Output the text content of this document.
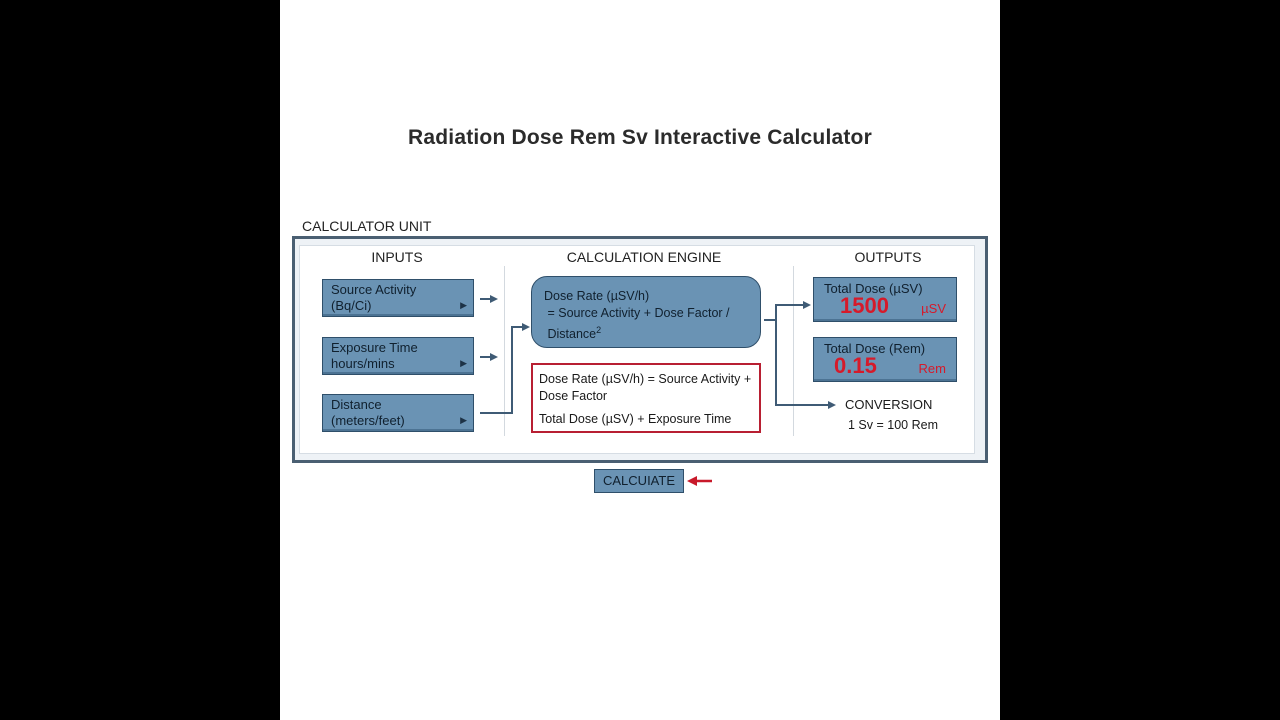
Radiation Dose Rem Sv Interactive Calculator
CALCULATOR UNIT
INPUTS	CALCULATION ENGINE	OUTPUTS
Source Activity
(Bq/Ci)	▶
Exposure Time
hours/mins	▶
Distance
(meters/feet)	▶
Dose Rate (µSV/h)
= Source Activity + Dose Factor /
Distance$^2$
Dose Rate (µSV/h) = Source Activity +
Dose Factor
Total Dose (µSV) + Exposure Time
Total Dose (µSV)
1500 µSV
Total Dose (Rem)
0.15	Rem
CONVERSION
1 Sv = 100 Rem
CALCUIATE
